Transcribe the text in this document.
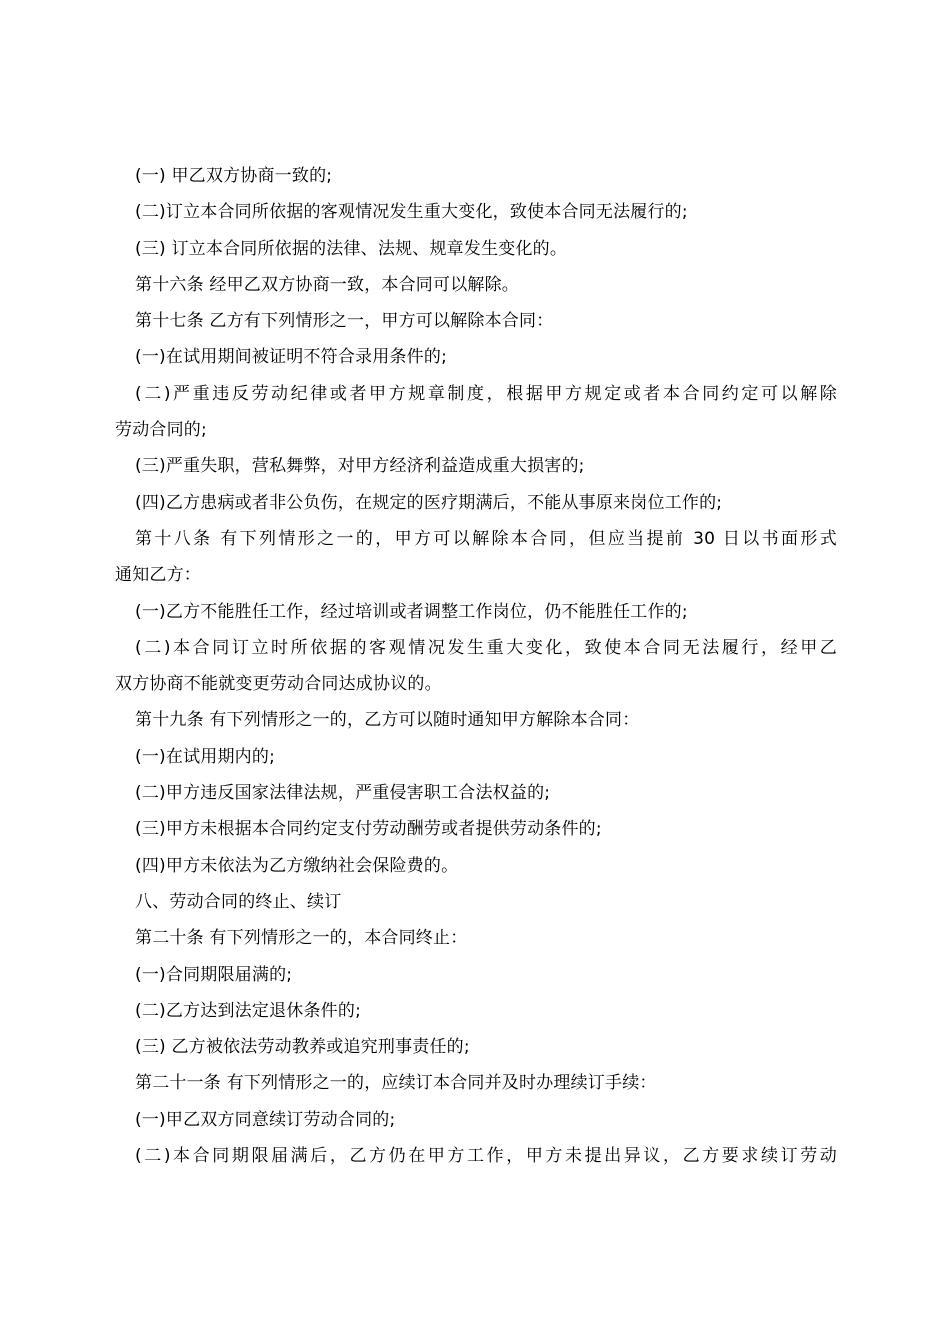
(一) 甲乙双方协商一致的;
(二)订立本合同所依据的客观情况发生重大变化，致使本合同无法履行的;
(三) 订立本合同所依据的法律、法规、规章发生变化的。
第十六条 经甲乙双方协商一致，本合同可以解除。
第十七条 乙方有下列情形之一，甲方可以解除本合同：
(一)在试用期间被证明不符合录用条件的;
(二)严重违反劳动纪律或者甲方规章制度，根据甲方规定或者本合同约定可以解除
劳动合同的;
(三)严重失职，营私舞弊，对甲方经济利益造成重大损害的;
(四)乙方患病或者非公负伤，在规定的医疗期满后，不能从事原来岗位工作的;
第十八条 有下列情形之一的，甲方可以解除本合同，但应当提前 30 日以书面形式
通知乙方：
(一)乙方不能胜任工作，经过培训或者调整工作岗位，仍不能胜任工作的;
(二)本合同订立时所依据的客观情况发生重大变化，致使本合同无法履行，经甲乙
双方协商不能就变更劳动合同达成协议的。
第十九条 有下列情形之一的，乙方可以随时通知甲方解除本合同：
(一)在试用期内的;
(二)甲方违反国家法律法规，严重侵害职工合法权益的;
(三)甲方未根据本合同约定支付劳动酬劳或者提供劳动条件的;
(四)甲方未依法为乙方缴纳社会保险费的。
八、劳动合同的终止、续订
第二十条 有下列情形之一的，本合同终止：
(一)合同期限届满的;
(二)乙方达到法定退休条件的;
(三) 乙方被依法劳动教养或追究刑事责任的;
第二十一条 有下列情形之一的，应续订本合同并及时办理续订手续：
(一)甲乙双方同意续订劳动合同的;
(二)本合同期限届满后，乙方仍在甲方工作，甲方未提出异议，乙方要求续订劳动
